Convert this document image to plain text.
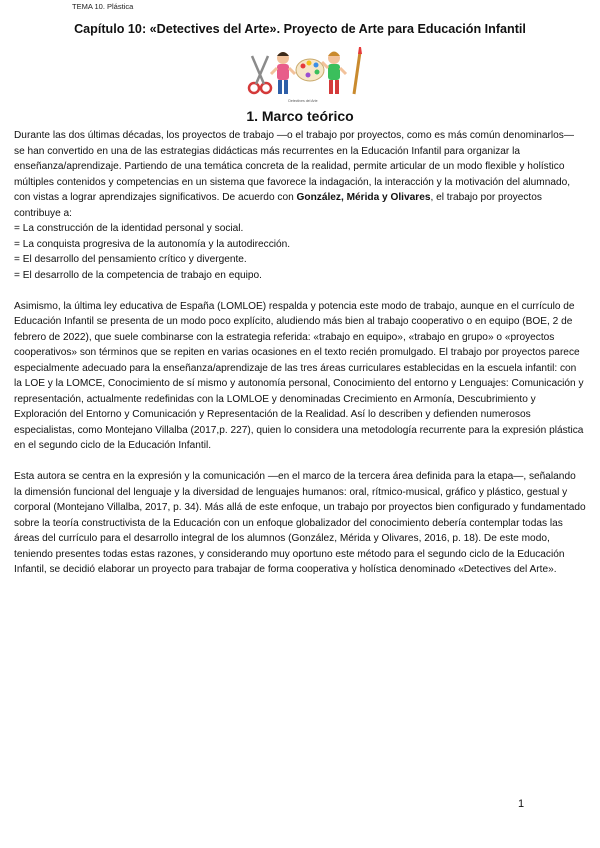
TEMA 10. Plástica
Capítulo 10: «Detectives del Arte». Proyecto de Arte para Educación Infantil
Detectives del Arte
1. Marco teórico

Durante las dos últimas décadas, los proyectos de trabajo —o el trabajo por proyectos, como es más común denominarlos— se han convertido en una de las estrategias didácticas más recurrentes en la Educación Infantil para organizar la enseñanza/aprendizaje. Partiendo de una temática concreta de la realidad, permite articular de un modo flexible y holístico múltiples contenidos y competencias en un sistema que favorece la indagación, la interacción y la motivación del alumnado, con vistas a lograr aprendizajes significativos. De acuerdo con González, Mérida y Olivares, el trabajo por proyectos contribuye a:

= La construcción de la identidad personal y social.
= La conquista progresiva de la autonomía y la autodirección.
= El desarrollo del pensamiento crítico y divergente.
= El desarrollo de la competencia de trabajo en equipo.

Asimismo, la última ley educativa de España (LOMLOE) respalda y potencia este modo de trabajo, aunque en el currículo de Educación Infantil se presenta de un modo poco explícito, aludiendo más bien al trabajo cooperativo o en equipo (BOE, 2 de febrero de 2022), que suele combinarse con la estrategia referida: «trabajo en equipo», «trabajo en grupo» o «proyectos cooperativos» son términos que se repiten en varias ocasiones en el texto recién promulgado. El trabajo por proyectos parece especialmente adecuado para la enseñanza/aprendizaje de las tres áreas curriculares establecidas en la escuela infantil: con la LOE y la LOMCE, Conocimiento de sí mismo y autonomía personal, Conocimiento del entorno y Lenguajes: Comunicación y representación, actualmente redefinidas con la LOMLOE y denominadas Crecimiento en Armonía, Descubrimiento y Exploración del Entorno y Comunicación y Representación de la Realidad. Así lo describen y defienden numerosos especialistas, como Montejano Villalba (2017,p. 227), quien lo considera una metodología recurrente para la expresión plástica en el segundo ciclo de la Educación Infantil.

Esta autora se centra en la expresión y la comunicación —en el marco de la tercera área definida para la etapa—, señalando la dimensión funcional del lenguaje y la diversidad de lenguajes humanos: oral, rítmico-musical, gráfico y plástico, gestual y corporal (Montejano Villalba, 2017, p. 34). Más allá de este enfoque, un trabajo por proyectos bien configurado y fundamentado sobre la teoría constructivista de la Educación con un enfoque globalizador del conocimiento debería contemplar todas las áreas del currículo para el desarrollo integral de los alumnos (González, Mérida y Olivares, 2016, p. 18). De este modo, teniendo presentes todas estas razones, y considerando muy oportuno este método para el segundo ciclo de la Educación Infantil, se decidió elaborar un proyecto para trabajar de forma cooperativa y holística denominado «Detectives del Arte».

1
